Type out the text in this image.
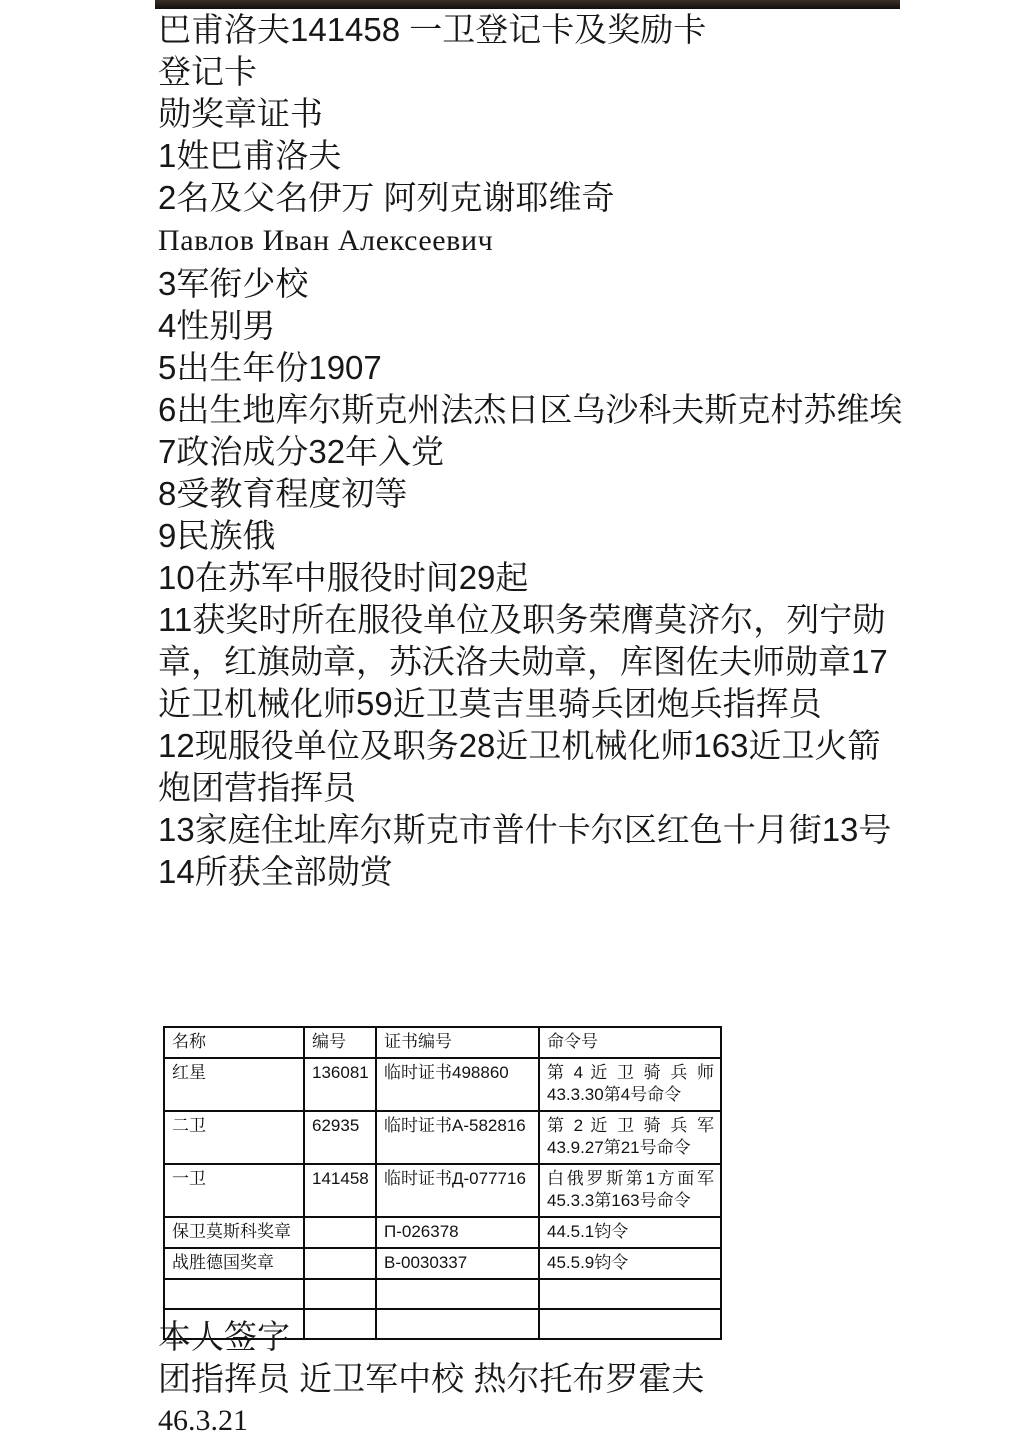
巴甫洛夫141458 一卫登记卡及奖励卡
登记卡
勋奖章证书
1姓巴甫洛夫
2名及父名伊万 阿列克谢耶维奇
Павлов Иван Алексеевич
3军衔少校
4性别男
5出生年份1907
6出生地库尔斯克州法杰日区乌沙科夫斯克村苏维埃
7政治成分32年入党
8受教育程度初等
9民族俄
10在苏军中服役时间29起
11获奖时所在服役单位及职务荣膺莫济尔，列宁勋章，红旗勋章，苏沃洛夫勋章，库图佐夫师勋章17近卫机械化师59近卫莫吉里骑兵团炮兵指挥员
12现服役单位及职务28近卫机械化师163近卫火箭炮团营指挥员
13家庭住址库尔斯克市普什卡尔区红色十月街13号
14所获全部勋赏
名称	编号	证书编号	命令号
红星	136081	临时证书498860	第 4 近 卫 骑 兵 师
43.3.30第4号命令

二卫	62935	临时证书A-582816	第 2 近 卫 骑 兵 军
43.9.27第21号命令

一卫	141458	临时证书Д-077716	白俄罗斯第1方面军
45.3.3第163号命令

保卫莫斯科奖章		П-026378	44.5.1钧令
战胜德国奖章		B-0030337	45.5.9钧令

本人签字
团指挥员 近卫军中校 热尔托布罗霍夫
46.3.21
